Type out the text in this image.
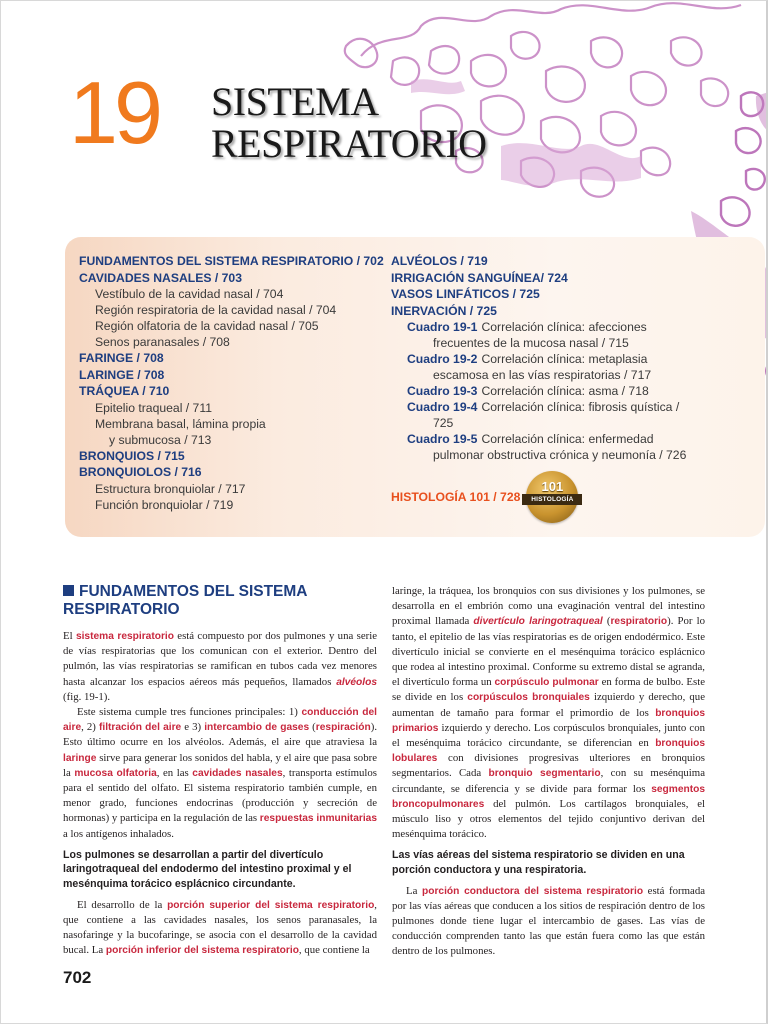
19 SISTEMA
RESPIRATORIO
FUNDAMENTOS DEL SISTEMA RESPIRATORIO / 702
CAVIDADES NASALES / 703
Vestíbulo de la cavidad nasal / 704
Región respiratoria de la cavidad nasal / 704
Región olfatoria de la cavidad nasal / 705
Senos paranasales / 708
FARINGE / 708
LARINGE / 708
TRÁQUEA / 710
Epitelio traqueal / 711
Membrana basal, lámina propia
y submucosa / 713
BRONQUIOS / 715
BRONQUIOLOS / 716
Estructura bronquiolar / 717
Función bronquiolar / 719
ALVÉOLOS / 719
IRRIGACIÓN SANGUÍNEA/ 724
VASOS LINFÁTICOS / 725
INERVACIÓN / 725
Cuadro 19-1 Correlación clínica: afecciones
frecuentes de la mucosa nasal / 715
Cuadro 19-2 Correlación clínica: metaplasia
escamosa en las vías respiratorias / 717
Cuadro 19-3 Correlación clínica: asma / 718
Cuadro 19-4 Correlación clínica: fibrosis quística /
725
Cuadro 19-5 Correlación clínica: enfermedad
pulmonar obstructiva crónica y neumonía / 726
HISTOLOGÍA 101 / 728
101
HISTOLOGÍA
FUNDAMENTOS DEL SISTEMA RESPIRATORIO

El sistema respiratorio está compuesto por dos pulmones y una serie de vías respiratorias que los comunican con el exterior. Dentro del pulmón, las vías respiratorias se ramifican en tubos cada vez menores hasta alcanzar los espacios aéreos más pequeños, llamados alvéolos (fig. 19-1).

Este sistema cumple tres funciones principales: 1) conducción del aire, 2) filtración del aire e 3) intercambio de gases (respiración). Esto último ocurre en los alvéolos. Además, el aire que atraviesa la laringe sirve para generar los sonidos del habla, y el aire que pasa sobre la mucosa olfatoria, en las cavidades nasales, transporta estímulos para el sentido del olfato. El sistema respiratorio también cumple, en menor grado, funciones endocrinas (producción y secreción de hormonas) y participa en la regulación de las respuestas inmunitarias a los antígenos inhalados.

Los pulmones se desarrollan a partir del divertículo laringotraqueal del endodermo del intestino proximal y el mesénquima torácico esplácnico circundante.

El desarrollo de la porción superior del sistema respiratorio, que contiene a las cavidades nasales, los senos paranasales, la nasofaringe y la bucofaringe, se asocia con el desarrollo de la cavidad bucal. La porción inferior del sistema respiratorio, que contiene la

laringe, la tráquea, los bronquios con sus divisiones y los pulmones, se desarrolla en el embrión como una evaginación ventral del intestino proximal llamada divertículo laringotraqueal (respiratorio). Por lo tanto, el epitelio de las vías respiratorias es de origen endodérmico. Este divertículo inicial se convierte en el mesénquima torácico esplácnico que rodea al intestino proximal. Conforme su extremo distal se agranda, el divertículo forma un corpúsculo pulmonar en forma de bulbo. Este se divide en los corpúsculos bronquiales izquierdo y derecho, que aumentan de tamaño para formar el primordio de los bronquios primarios izquierdo y derecho. Los corpúsculos bronquiales, junto con el mesénquima torácico circundante, se diferencian en bronquios lobulares con divisiones progresivas ulteriores en bronquios segmentarios. Cada bronquio segmentario, con su mesénquima circundante, se diferencia y se divide para formar los segmentos broncopulmonares del pulmón. Los cartílagos bronquiales, el músculo liso y otros elementos del tejido conjuntivo derivan del mesénquima torácico.

Las vías aéreas del sistema respiratorio se dividen en una porción conductora y una respiratoria.

La porción conductora del sistema respiratorio está formada por las vías aéreas que conducen a los sitios de respiración dentro de los pulmones donde tiene lugar el intercambio de gases. Las vías de conducción comprenden tanto las que están fuera como las que están dentro de los pulmones.

702
